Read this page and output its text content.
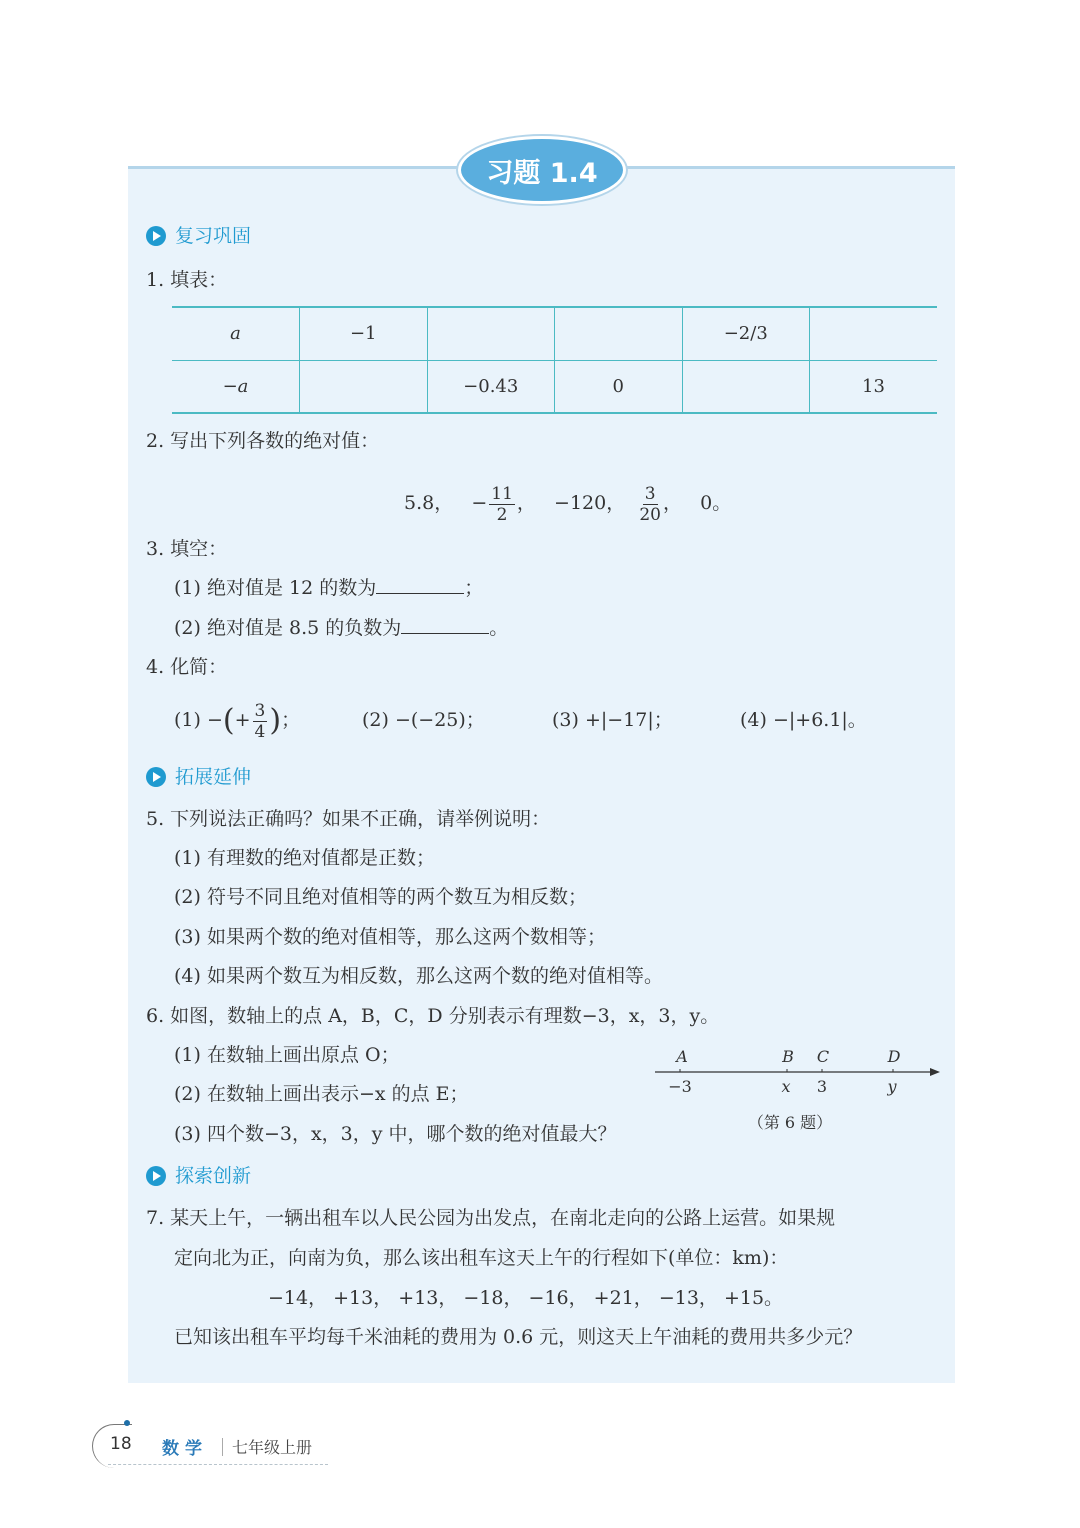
习题 1.4
复习巩固
1. 填表：
a	−1			−2/3	
−a		−0.43	0		13
2. 写出下列各数的绝对值：
5.8， − $\frac{11}{2}$ ， −120， $\frac{3}{20}$ ， 0。
3. 填空：
(1) 绝对值是 12 的数为	；
(2) 绝对值是 8.5 的负数为	。
4. 化简：
(1) −(+ $\frac{3}{4}$ )；	(2) −(−25)；	(3) +|−17|；	(4) −|+6.1|。
拓展延伸
5. 下列说法正确吗？如果不正确，请举例说明：
(1) 有理数的绝对值都是正数；
(2) 符号不同且绝对值相等的两个数互为相反数；
(3) 如果两个数的绝对值相等，那么这两个数相等；
(4) 如果两个数互为相反数，那么这两个数的绝对值相等。
6. 如图，数轴上的点 A，B，C，D 分别表示有理数−3，x，3，y。
(1) 在数轴上画出原点 O；
(2) 在数轴上画出表示−x 的点 E；
(3) 四个数−3，x，3，y 中，哪个数的绝对值最大？
A	B C	D
−3	x 3	y
（第 6 题）
探索创新
7. 某天上午，一辆出租车以人民公园为出发点，在南北走向的公路上运营。如果规
定向北为正，向南为负，那么该出租车这天上午的行程如下(单位：km)：
−14， +13， +13， −18， −16， +21， −13， +15。
已知该出租车平均每千米油耗的费用为 0.6 元，则这天上午油耗的费用共多少元？
18 数学 七年级上册
